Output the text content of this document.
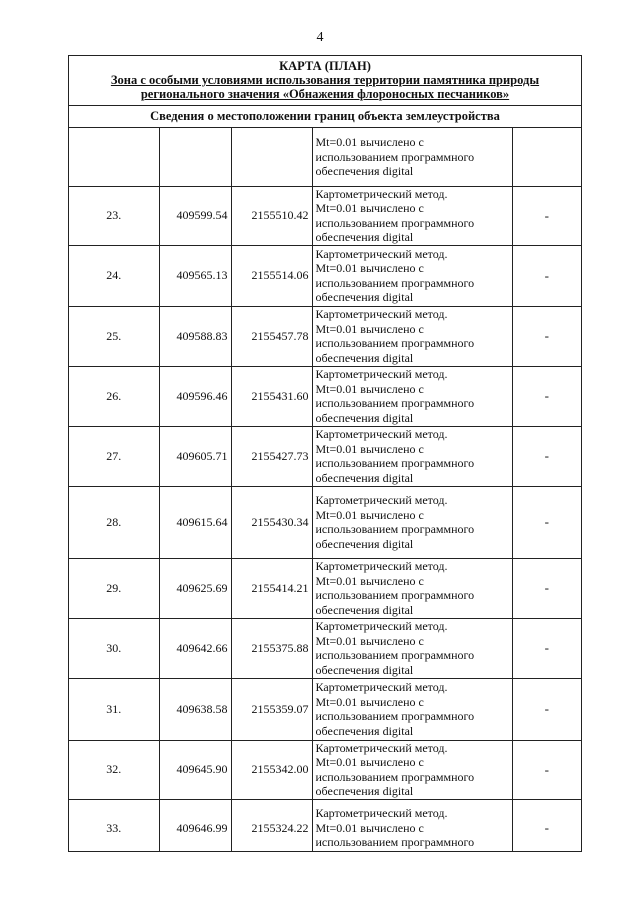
4
КАРТА (ПЛАН)
Зона с особыми условиями использования территории памятника природы
регионального значения «Обнажения флороносных песчаников»
Сведения о местоположении границ объекта землеустройства

			Mt=0.01 вычислено с
использованием программного
обеспечения digital	

23.	409599.54	2155510.42	Картометрический метод.
Mt=0.01 вычислено с
использованием программного
обеспечения digital	-
24.	409565.13	2155514.06	Картометрический метод.
Mt=0.01 вычислено с
использованием программного
обеспечения digital	-
25.	409588.83	2155457.78	Картометрический метод.
Mt=0.01 вычислено с
использованием программного
обеспечения digital	-
26.	409596.46	2155431.60	Картометрический метод.
Mt=0.01 вычислено с
использованием программного
обеспечения digital	-
27.	409605.71	2155427.73	Картометрический метод.
Mt=0.01 вычислено с
использованием программного
обеспечения digital	-
28.	409615.64	2155430.34	Картометрический метод.
Mt=0.01 вычислено с
использованием программного
обеспечения digital	-
29.	409625.69	2155414.21	Картометрический метод.
Mt=0.01 вычислено с
использованием программного
обеспечения digital	-
30.	409642.66	2155375.88	Картометрический метод.
Mt=0.01 вычислено с
использованием программного
обеспечения digital	-
31.	409638.58	2155359.07	Картометрический метод.
Mt=0.01 вычислено с
использованием программного
обеспечения digital	-
32.	409645.90	2155342.00	Картометрический метод.
Mt=0.01 вычислено с
использованием программного
обеспечения digital	-
33.	409646.99	2155324.22	Картометрический метод.
Mt=0.01 вычислено с
использованием программного	-
